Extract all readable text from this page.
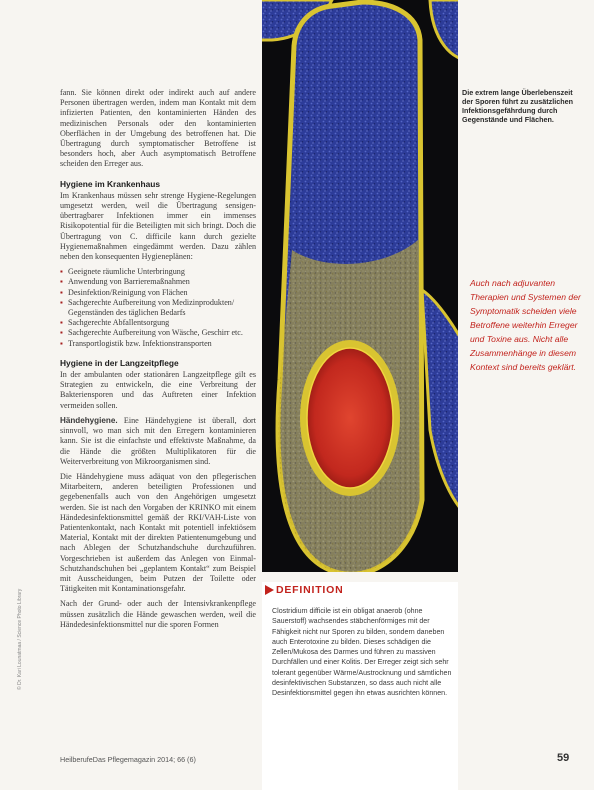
fann. Sie können direkt oder indirekt auch auf andere Personen übertragen werden, indem man Kontakt mit dem infizierten Patienten, den kontaminierten Händen des medizinischen Personals oder den kontaminierten Oberflächen in der Umgebung des betroffenen hat. Die Übertragung durch symptomatischer Betroffene ist besonders hoch, aber Auch asymptomatisch Betroffene scheiden den Erreger aus.

Hygiene im Krankenhaus

Im Krankenhaus müssen sehr strenge Hygiene-Regelungen umgesetzt werden, weil die Übertragung sensigen-übertragbarer Infektionen immer ein immenses Risikopotential für die Beteiligten mit sich bringt. Doch die Übertragung von C. difficile kann durch gezielte Hygienemaßnahmen eingedämmt werden. Dazu zählen neben den konsequenten Hygieneplänen:

▪ Geeignete räumliche Unterbringung
▪ Anwendung von Barrieremaßnahmen
▪ Desinfektion/Reinigung von Flächen
▪ Sachgerechte Aufbereitung von Medizinprodukten/ Gegenständen des täglichen Bedarfs
▪ Sachgerechte Abfallentsorgung
▪ Sachgerechte Aufbereitung von Wäsche, Geschirr etc.
▪ Transportlogistik bzw. Infektionstransporten
Hygiene in der Langzeitpflege

In der ambulanten oder stationären Langzeitpflege gilt es Strategien zu entwickeln, die eine Verbreitung der Bakteriensporen und das Auftreten einer Infektion vermeiden sollen.

Händehygiene. Eine Händehygiene ist überall, dort sinnvoll, wo man sich mit den Erregern kontaminieren kann. Sie ist die einfachste und effektivste Maßnahme, da die Hände die größten Multiplikatoren für die Weiterverbreitung von Mikroorganismen sind.

Die Händehygiene muss adäquat von den pflegerischen Mitarbeitern, anderen beteiligten Professionen und gegebenenfalls auch von den Angehörigen umgesetzt werden. Sie ist nach den Vorgaben der KRINKO mit einem Händedesinfektionsmittel gemäß der RKI/VAH-Liste von Patientenkontakt, nach Kontakt mit potentiell infektiösem Material, Kontakt mit der direkten Patientenumgebung und nach Ablegen der Schutzhandschuhe durchzuführen. Vorgeschrieben ist außerdem das Anlegen von Einmal-Schutzhandschuhen bei „geplantem Kontakt“ zum Beispiel mit Ausscheidungen, beim Putzen der Toilette oder Tätigkeiten mit Kontaminationsgefahr.

Nach der Grund- oder auch der Intensivkrankenpflege müssen zusätzlich die Hände gewaschen werden, weil die Händedesinfektionsmittel nur die sporen Formen

Die extrem lange Überlebenszeit der Sporen führt zu zusätzlichen Infektionsgefährdung durch Gegenstände und Flächen.
Auch nach adjuvanten Therapien und Systemen der Symptomatik scheiden viele Betroffene weiterhin Erreger und Toxine aus. Nicht alle Zusammenhänge in diesem Kontext sind bereits geklärt.
DEFINITION
Clostridium difficile ist ein obligat anaerob (ohne Sauerstoff) wachsendes stäbchenförmiges mit der Fähigkeit nicht nur Sporen zu bilden, sondern daneben auch Enterotoxine zu bilden. Dieses schädigen die Zellen/Mukosa des Darmes und führen zu massiven Durchfällen und einer Kolitis. Der Erreger zeigt sich sehr tolerant gegenüber Wärme/Austrocknung und sämtlichen desinfektivischen Substanzen, so dass auch nicht alle Desinfektionsmittel gegen ihn etwas ausrichten können.
HeilberufeDas Pflegemagazin 2014; 66 (6)	59
© Dr. Kari Lounatmaa / Science Photo Library
